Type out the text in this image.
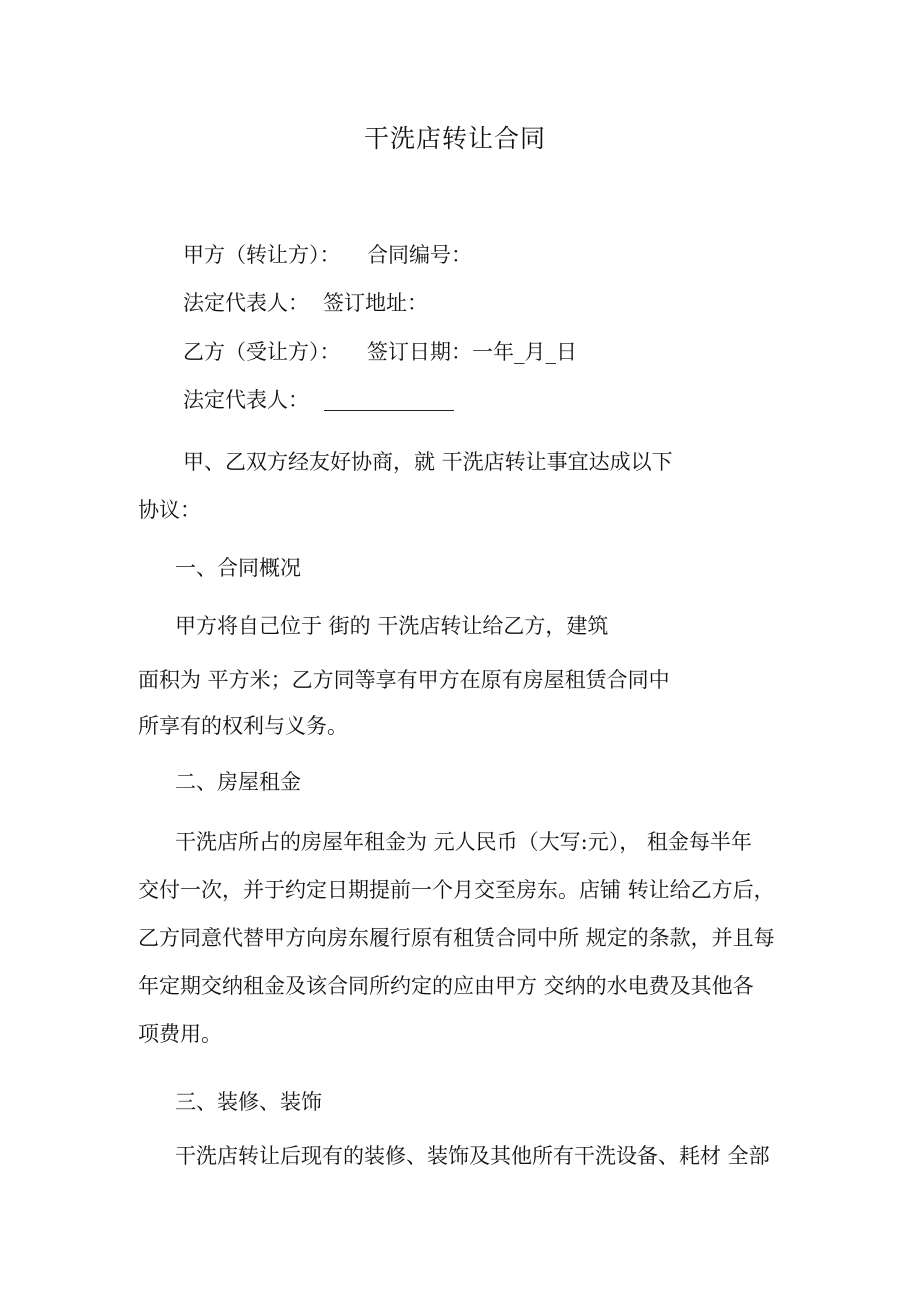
干洗店转让合同
甲方（转让方）： 合同编号：
法定代表人： 签订地址：
乙方（受让方）： 签订日期：一年_月_日
法定代表人：
甲、乙双方经友好协商，就 干洗店转让事宜达成以下
协议：
一、合同概况
甲方将自己位于 街的 干洗店转让给乙方，建筑
面积为 平方米；乙方同等享有甲方在原有房屋租赁合同中
所享有的权利与义务。
二、房屋租金
干洗店所占的房屋年租金为 元人民币（大写:元）， 租金每半年
交付一次，并于约定日期提前一个月交至房东。店铺 转让给乙方后，
乙方同意代替甲方向房东履行原有租赁合同中所 规定的条款，并且每
年定期交纳租金及该合同所约定的应由甲方 交纳的水电费及其他各
项费用。
三、装修、装饰
干洗店转让后现有的装修、装饰及其他所有干洗设备、耗材 全部
